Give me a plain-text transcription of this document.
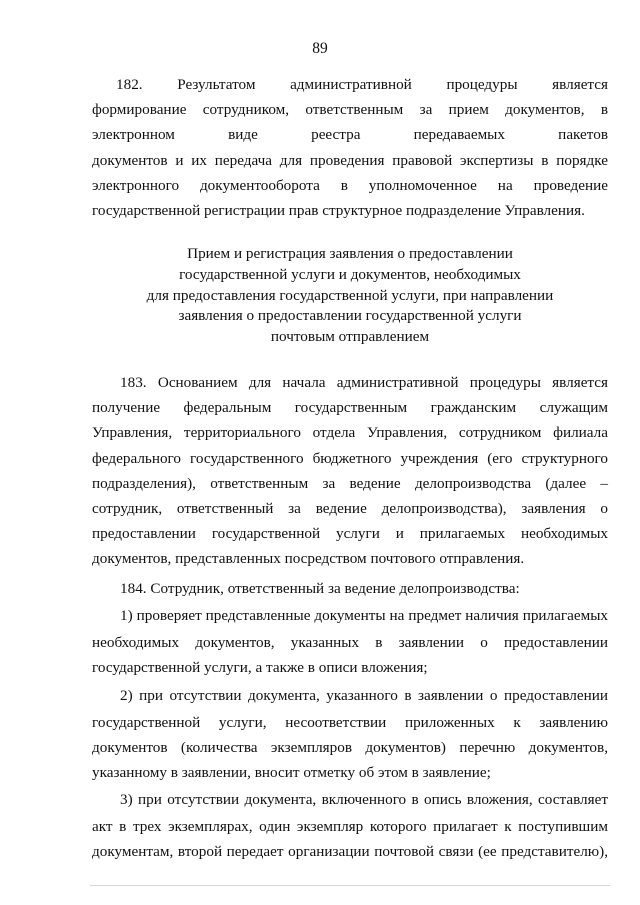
89
182. Результатом административной процедуры является
формирование сотрудником, ответственным за прием документов, в
электронном виде реестра передаваемых пакетов
документов и их передача для проведения правовой экспертизы в порядке
электронного документооборота в уполномоченное на проведение
государственной регистрации прав структурное подразделение Управления.
Прием и регистрация заявления о предоставлении
государственной услуги и документов, необходимых
для предоставления государственной услуги, при направлении
заявления о предоставлении государственной услуги
почтовым отправлением
183. Основанием для начала административной процедуры является
получение федеральным государственным гражданским служащим
Управления, территориального отдела Управления, сотрудником филиала
федерального государственного бюджетного учреждения (его структурного
подразделения), ответственным за ведение делопроизводства (далее –
сотрудник, ответственный за ведение делопроизводства), заявления о
предоставлении государственной услуги и прилагаемых необходимых
документов, представленных посредством почтового отправления.
184. Сотрудник, ответственный за ведение делопроизводства:
1) проверяет представленные документы на предмет наличия прилагаемых
необходимых документов, указанных в заявлении о предоставлении
государственной услуги, а также в описи вложения;
2) при отсутствии документа, указанного в заявлении о предоставлении
государственной услуги, несоответствии приложенных к заявлению
документов (количества экземпляров документов) перечню документов,
указанному в заявлении, вносит отметку об этом в заявление;
3) при отсутствии документа, включенного в опись вложения, составляет
акт в трех экземплярах, один экземпляр которого прилагает к поступившим
документам, второй передает организации почтовой связи (ее представителю),
